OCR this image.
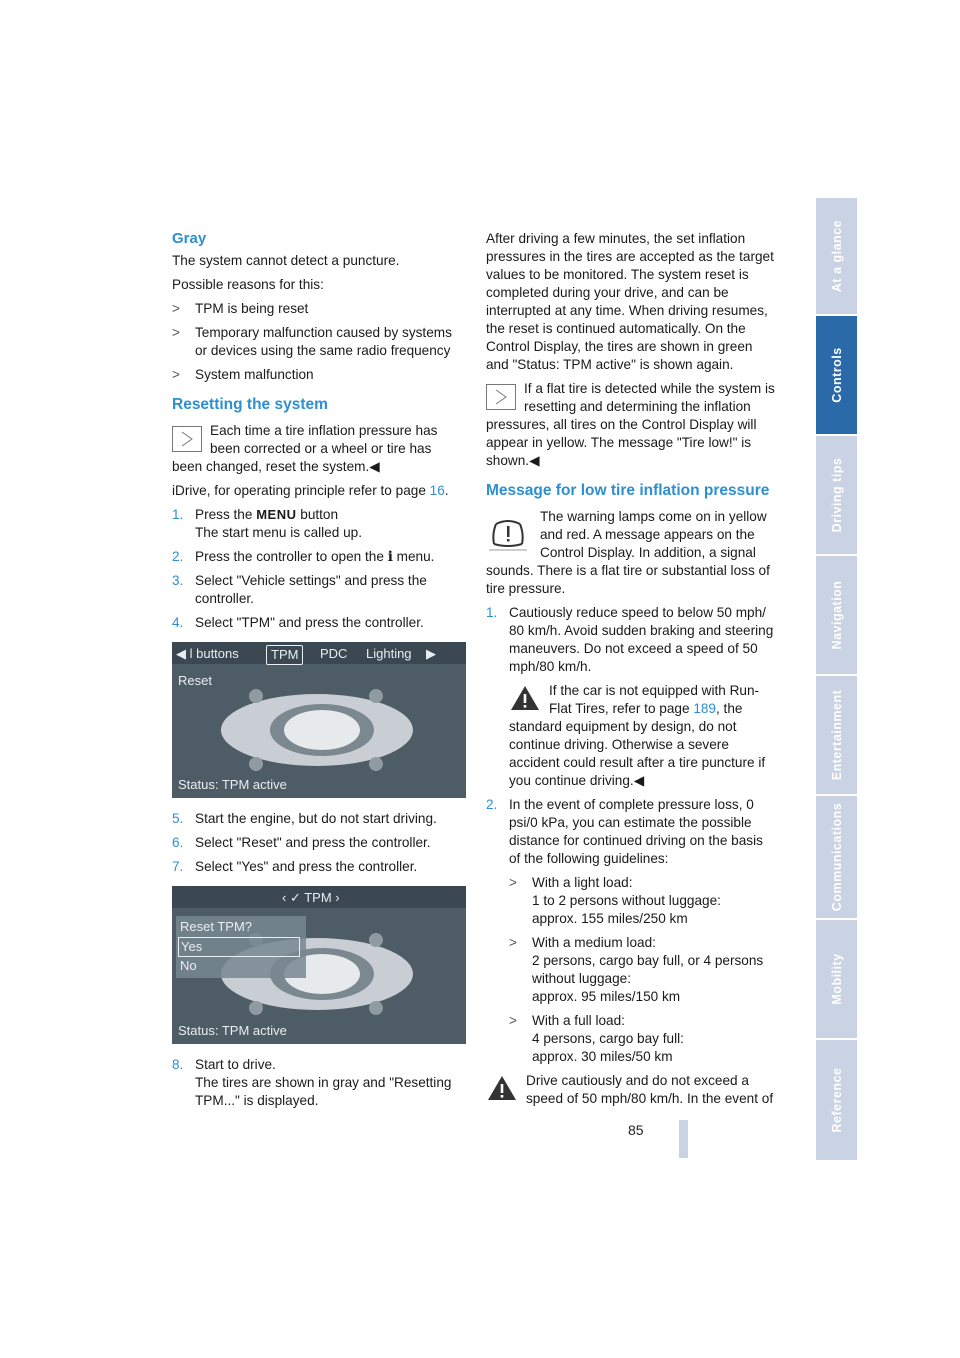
Gray

The system cannot detect a puncture.

Possible reasons for this:

> TPM is being reset
> Temporary malfunction caused by systems or devices using the same radio frequency
> System malfunction
Resetting the system
Each time a tire inflation pressure has been corrected or a wheel or tire has been changed, reset the system.◀

iDrive, for operating principle refer to page 16.

1. Press the MENU button
The start menu is called up.
2. Press the controller to open the i menu.
3. Select "Vehicle settings" and press the controller.
4. Select "TPM" and press the controller.
◀ l buttons	TPM	PDC Lighting ▶
Reset
Status: TPM active
5. Start the engine, but do not start driving.
6. Select "Reset" and press the controller.
7. Select "Yes" and press the controller.
‹ ✓ TPM ›
Reset TPM?
Yes
No
Status: TPM active
8. Start to drive.
The tires are shown in gray and "Resetting TPM..." is displayed.

After driving a few minutes, the set inflation pressures in the tires are accepted as the target values to be monitored. The system reset is completed during your drive, and can be interrupted at any time. When driving resumes, the reset is continued automatically. On the Control Display, the tires are shown in green and "Status: TPM active" is shown again.

If a flat tire is detected while the system is resetting and determining the inflation pressures, all tires on the Control Display will appear in yellow. The message "Tire low!" is shown.◀
Message for low tire inflation pressure
The warning lamps come on in yellow and red. A message appears on the Control Display. In addition, a signal sounds. There is a flat tire or substantial loss of tire pressure.
1. Cautiously reduce speed to below 50 mph/ 80 km/h. Avoid sudden braking and steering maneuvers. Do not exceed a speed of 50 mph/80 km/h.
If the car is not equipped with Run-Flat Tires, refer to page 189, the standard equipment by design, do not continue driving. Otherwise a severe accident could result after a tire puncture if you continue driving.◀
2. In the event of complete pressure loss, 0 psi/0 kPa, you can estimate the possible distance for continued driving on the basis of the following guidelines:
> With a light load:
1 to 2 persons without luggage:
approx. 155 miles/250 km
> With a medium load:
2 persons, cargo bay full, or 4 persons without luggage:
approx. 95 miles/150 km
> With a full load:
4 persons, cargo bay full:
approx. 30 miles/50 km
Drive cautiously and do not exceed a speed of 50 mph/80 km/h. In the event of
At a glance
Controls
Driving tips
Navigation
Entertainment
Communications
Mobility
Reference
85
